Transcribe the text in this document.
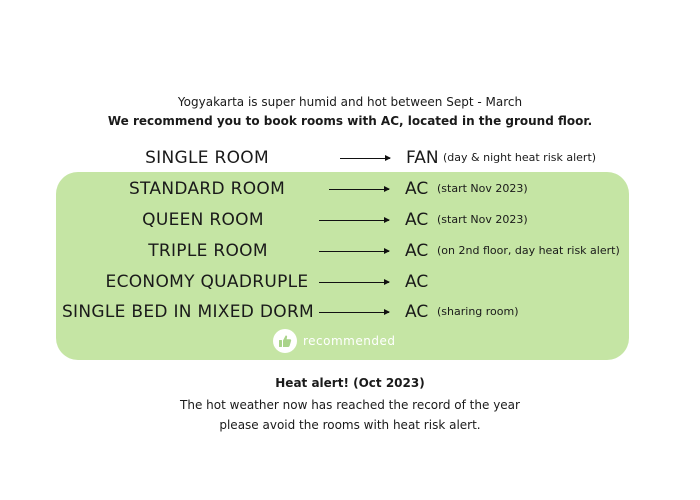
Yogyakarta is super humid and hot between Sept - March
We recommend you to book rooms with AC, located in the ground floor.
SINGLE ROOM	FAN (day & night heat risk alert)
STANDARD ROOM	AC (start Nov 2023)
QUEEN ROOM	AC (start Nov 2023)
TRIPLE ROOM	AC (on 2nd floor, day heat risk alert)
ECONOMY QUADRUPLE	AC
SINGLE BED IN MIXED DORM	AC (sharing room)
recommended
Heat alert! (Oct 2023)
The hot weather now has reached the record of the year
please avoid the rooms with heat risk alert.
